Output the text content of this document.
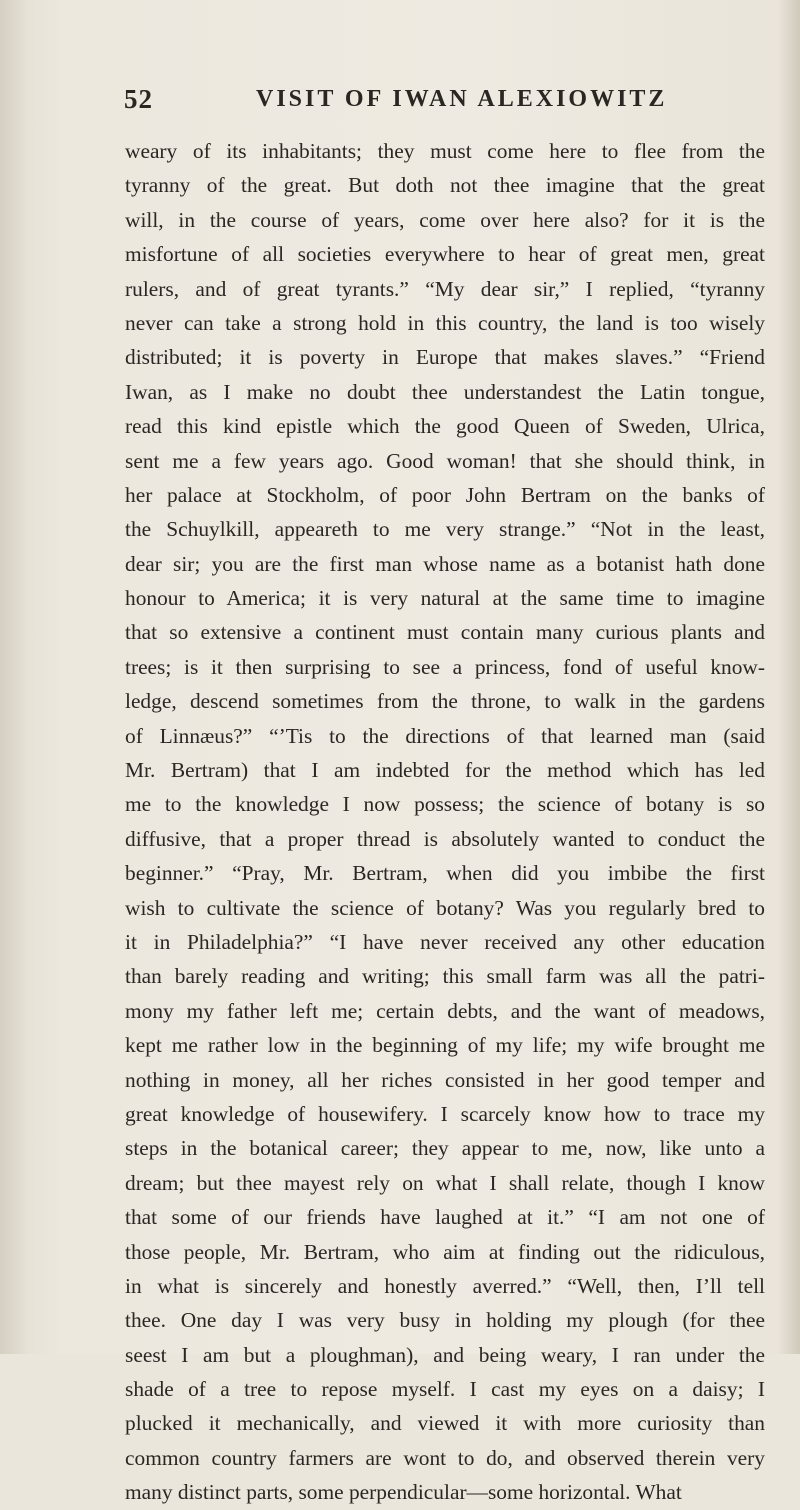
52	VISIT OF IWAN ALEXIOWITZ
weary of its inhabitants; they must come here to flee from the
tyranny of the great. But doth not thee imagine that the great
will, in the course of years, come over here also? for it is the
misfortune of all societies everywhere to hear of great men, great
rulers, and of great tyrants.” “My dear sir,” I replied, “tyranny
never can take a strong hold in this country, the land is too wisely
distributed; it is poverty in Europe that makes slaves.” “Friend
Iwan, as I make no doubt thee understandest the Latin tongue,
read this kind epistle which the good Queen of Sweden, Ulrica,
sent me a few years ago. Good woman! that she should think, in
her palace at Stockholm, of poor John Bertram on the banks of
the Schuylkill, appeareth to me very strange.” “Not in the least,
dear sir; you are the first man whose name as a botanist hath done
honour to America; it is very natural at the same time to imagine
that so extensive a continent must contain many curious plants and
trees; is it then surprising to see a princess, fond of useful know-
ledge, descend sometimes from the throne, to walk in the gardens
of Linnæus?” “’Tis to the directions of that learned man (said
Mr. Bertram) that I am indebted for the method which has led
me to the knowledge I now possess; the science of botany is so
diffusive, that a proper thread is absolutely wanted to conduct the
beginner.” “Pray, Mr. Bertram, when did you imbibe the first
wish to cultivate the science of botany? Was you regularly bred to
it in Philadelphia?” “I have never received any other education
than barely reading and writing; this small farm was all the patri-
mony my father left me; certain debts, and the want of meadows,
kept me rather low in the beginning of my life; my wife brought me
nothing in money, all her riches consisted in her good temper and
great knowledge of housewifery. I scarcely know how to trace my
steps in the botanical career; they appear to me, now, like unto a
dream; but thee mayest rely on what I shall relate, though I know
that some of our friends have laughed at it.” “I am not one of
those people, Mr. Bertram, who aim at finding out the ridiculous,
in what is sincerely and honestly averred.” “Well, then, I’ll tell
thee. One day I was very busy in holding my plough (for thee
seest I am but a ploughman), and being weary, I ran under the
shade of a tree to repose myself. I cast my eyes on a daisy; I
plucked it mechanically, and viewed it with more curiosity than
common country farmers are wont to do, and observed therein very
many distinct parts, some perpendicular—some horizontal. What
